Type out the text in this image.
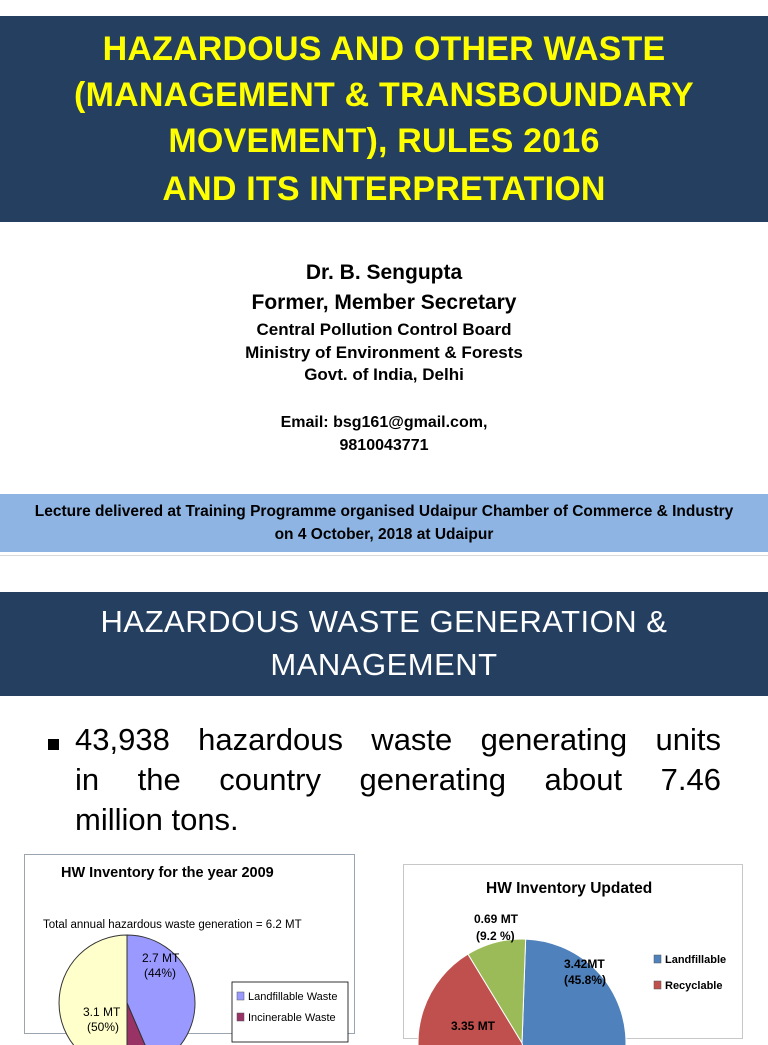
HAZARDOUS AND OTHER WASTE
(MANAGEMENT & TRANSBOUNDARY
MOVEMENT), RULES 2016
AND ITS INTERPRETATION
Dr. B. Sengupta
Former, Member Secretary
Central Pollution Control Board
Ministry of Environment & Forests
Govt. of India, Delhi
Email: bsg161@gmail.com,
9810043771
Lecture delivered at Training Programme organised Udaipur Chamber of Commerce & Industry
on 4 October, 2018 at Udaipur
HAZARDOUS WASTE GENERATION &
MANAGEMENT
43,938 hazardous waste generating units
in the country generating about 7.46
million tons.
HW Inventory for the year 2009
Total annual hazardous waste generation = 6.2 MT
2.7 MT
(44%)
3.1 MT
(50%)
Landfillable Waste
Incinerable Waste
HW Inventory Updated
3.42MT
(45.8%)
3.35 MT
0.69 MT
(9.2 %)
Landfillable
Recyclable
